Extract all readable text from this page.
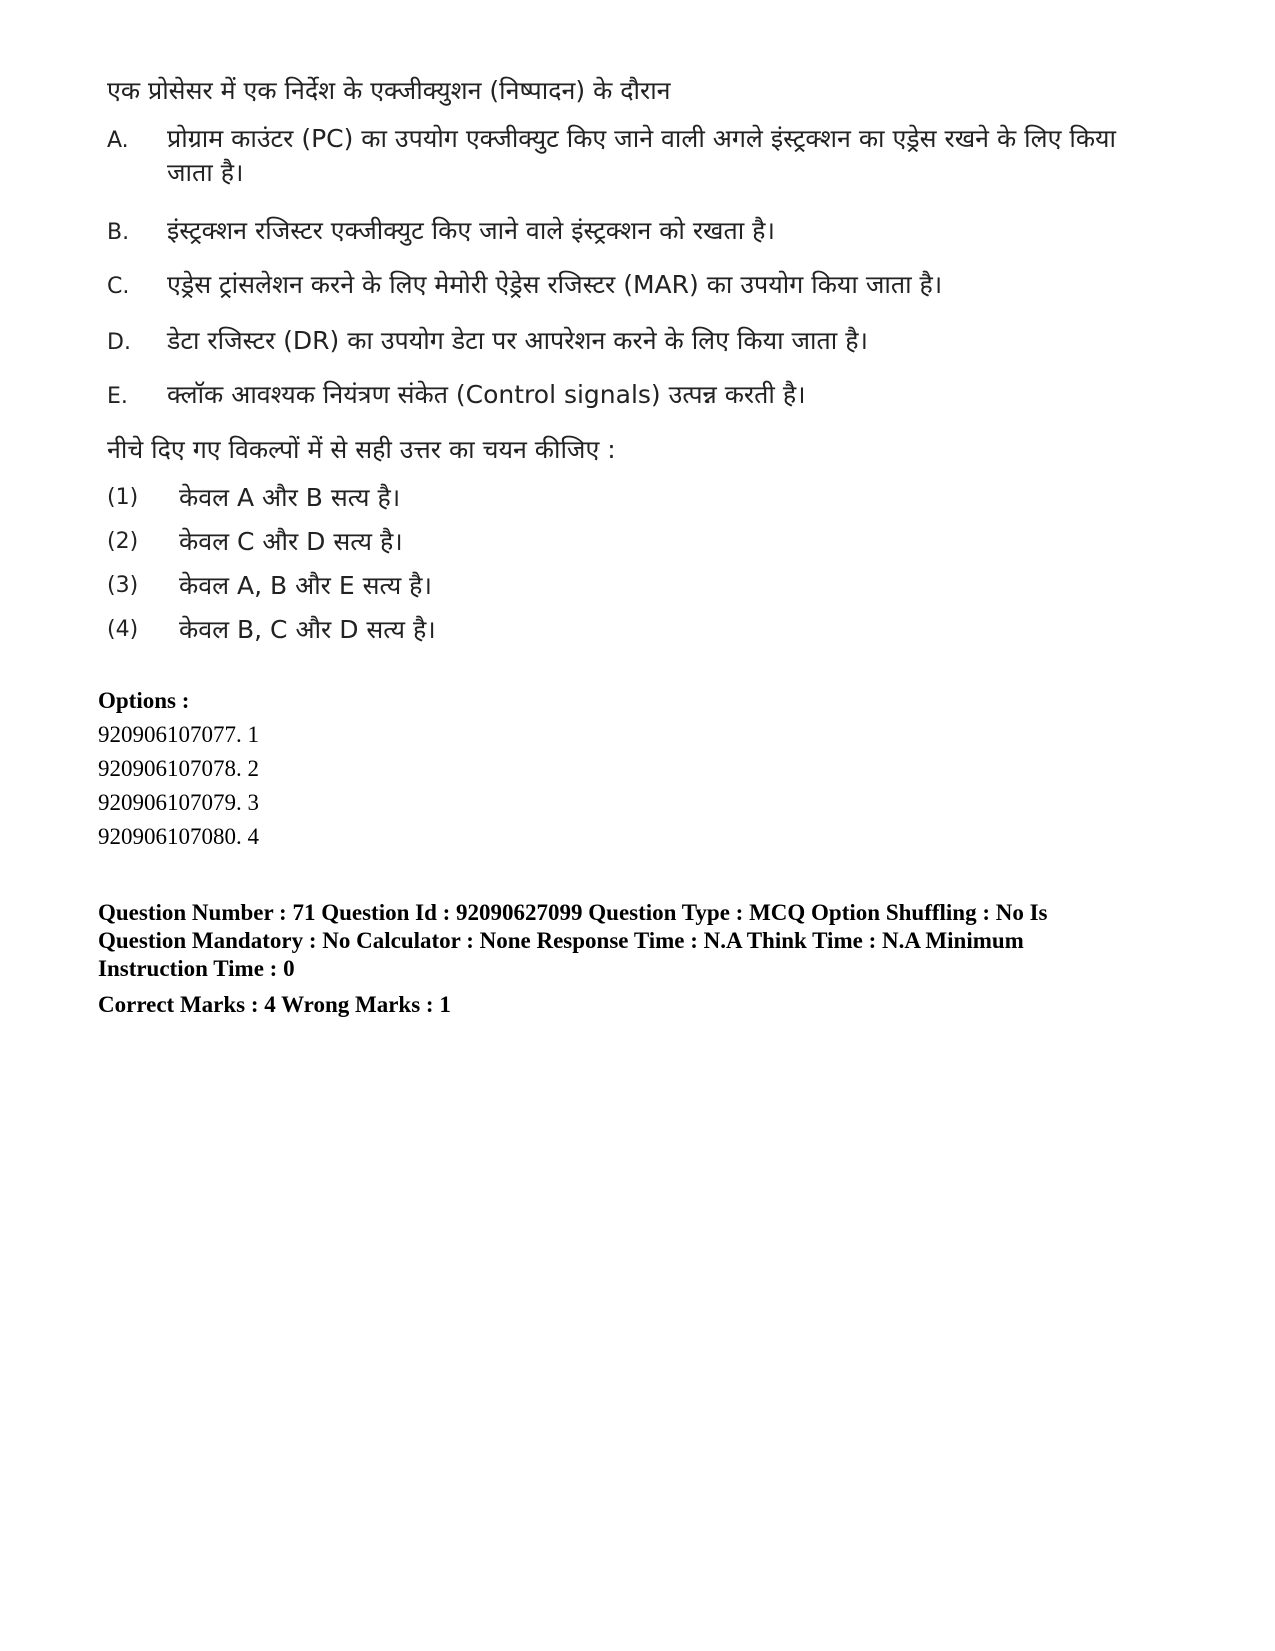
एक प्रोसेसर में एक निर्देश के एक्जीक्युशन (निष्पादन) के दौरान

A.	प्रोग्राम काउंटर (PC) का उपयोग एक्जीक्युट किए जाने वाली अगले इंस्ट्रक्शन का एड्रेस रखने के लिए किया जाता है।
B.	इंस्ट्रक्शन रजिस्टर एक्जीक्युट किए जाने वाले इंस्ट्रक्शन को रखता है।
C.	एड्रेस ट्रांसलेशन करने के लिए मेमोरी ऐड्रेस रजिस्टर (MAR) का उपयोग किया जाता है।
D.	डेटा रजिस्टर (DR) का उपयोग डेटा पर आपरेशन करने के लिए किया जाता है।
E.	क्लॉक आवश्यक नियंत्रण संकेत (Control signals) उत्पन्न करती है।
नीचे दिए गए विकल्पों में से सही उत्तर का चयन कीजिए :
(1)	केवल A और B सत्य है।
(2)	केवल C और D सत्य है।
(3)	केवल A, B और E सत्य है।
(4)	केवल B, C और D सत्य है।

Options :

920906107077. 1

920906107078. 2

920906107079. 3

920906107080. 4

Question Number : 71 Question Id : 92090627099 Question Type : MCQ Option Shuffling : No Is

Question Mandatory : No Calculator : None Response Time : N.A Think Time : N.A Minimum

Instruction Time : 0

Correct Marks : 4 Wrong Marks : 1
